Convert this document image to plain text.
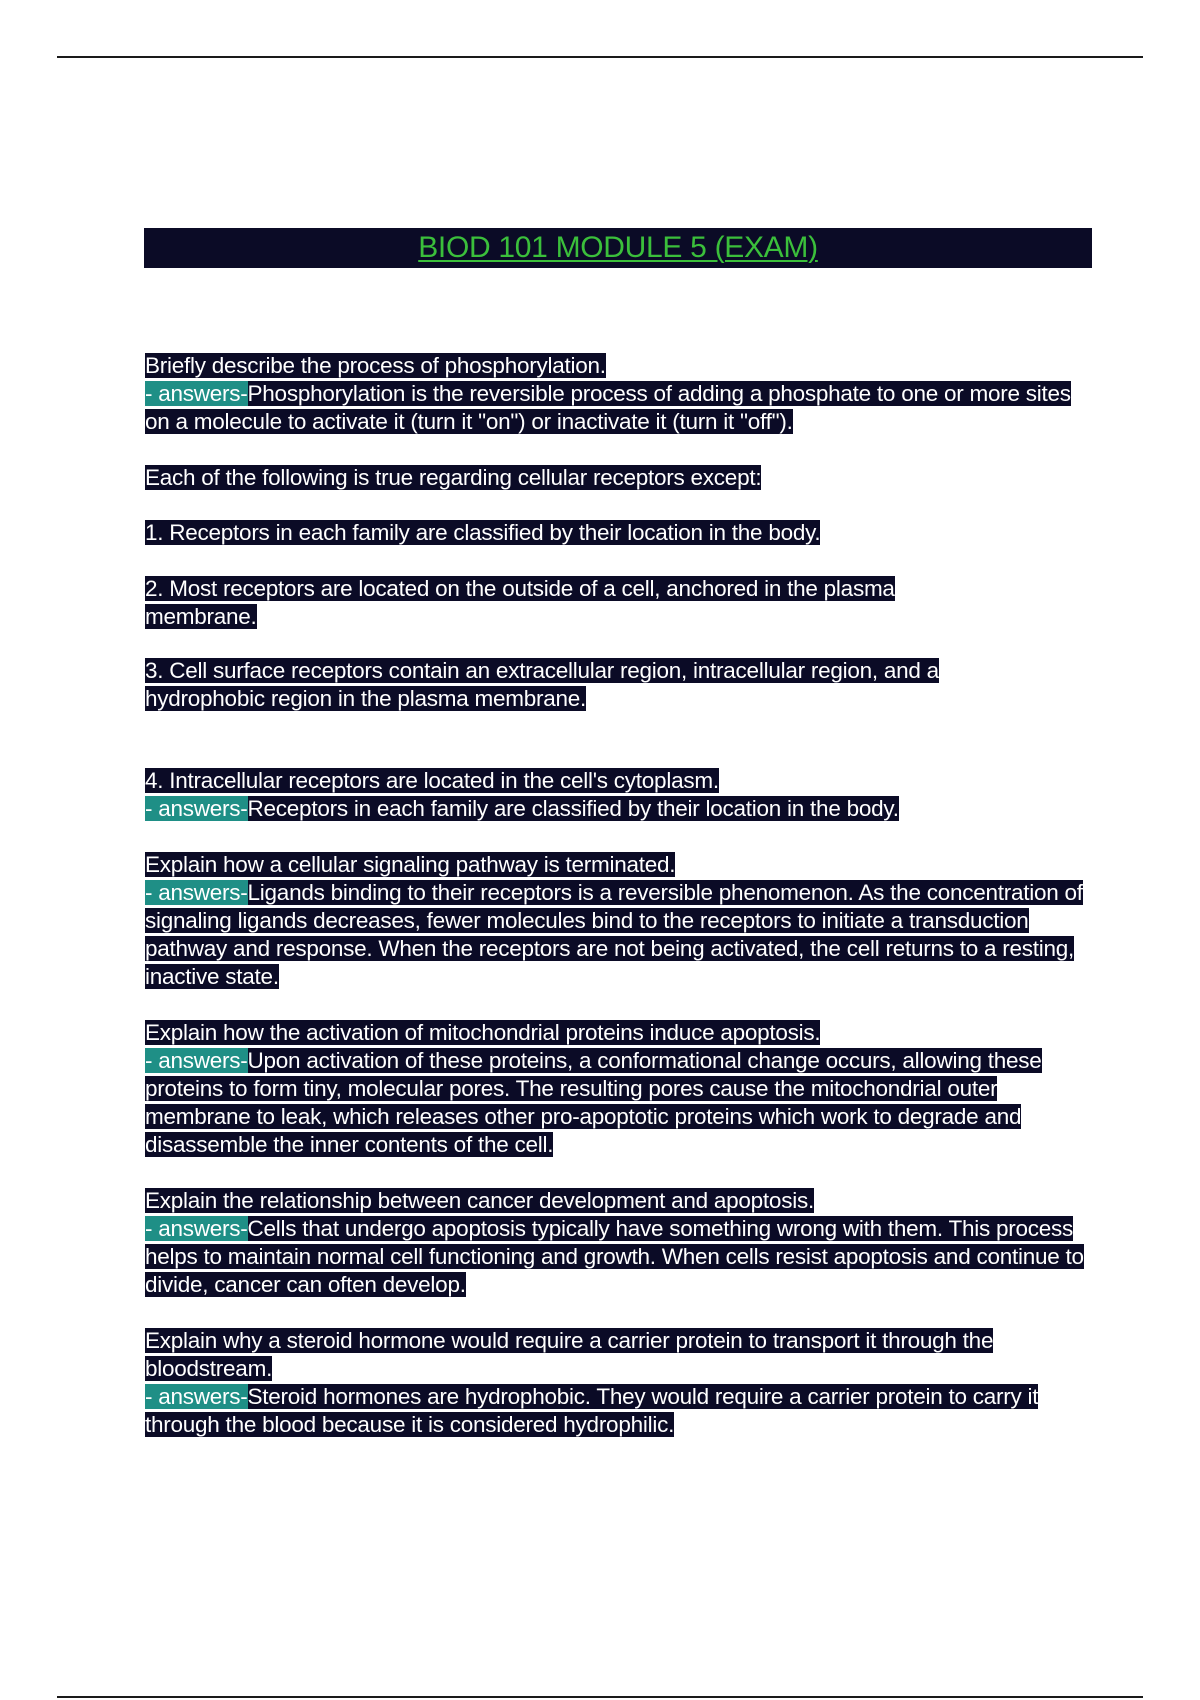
BIOD 101 MODULE 5 (EXAM)

Briefly describe the process of phosphorylation.
- answers-Phosphorylation is the reversible process of adding a phosphate to one or more sites on a molecule to activate it (turn it "on") or inactivate it (turn it "off").

Each of the following is true regarding cellular receptors except:

1. Receptors in each family are classified by their location in the body.

2. Most receptors are located on the outside of a cell, anchored in the plasma membrane.

3. Cell surface receptors contain an extracellular region, intracellular region, and a hydrophobic region in the plasma membrane.

4. Intracellular receptors are located in the cell's cytoplasm.
- answers-Receptors in each family are classified by their location in the body.

Explain how a cellular signaling pathway is terminated.
- answers-Ligands binding to their receptors is a reversible phenomenon. As the concentration of signaling ligands decreases, fewer molecules bind to the receptors to initiate a transduction pathway and response. When the receptors are not being activated, the cell returns to a resting, inactive state.

Explain how the activation of mitochondrial proteins induce apoptosis.
- answers-Upon activation of these proteins, a conformational change occurs, allowing these proteins to form tiny, molecular pores. The resulting pores cause the mitochondrial outer membrane to leak, which releases other pro-apoptotic proteins which work to degrade and disassemble the inner contents of the cell.

Explain the relationship between cancer development and apoptosis.
- answers-Cells that undergo apoptosis typically have something wrong with them. This process helps to maintain normal cell functioning and growth. When cells resist apoptosis and continue to divide, cancer can often develop.

Explain why a steroid hormone would require a carrier protein to transport it through the bloodstream.
- answers-Steroid hormones are hydrophobic. They would require a carrier protein to carry it through the blood because it is considered hydrophilic.
